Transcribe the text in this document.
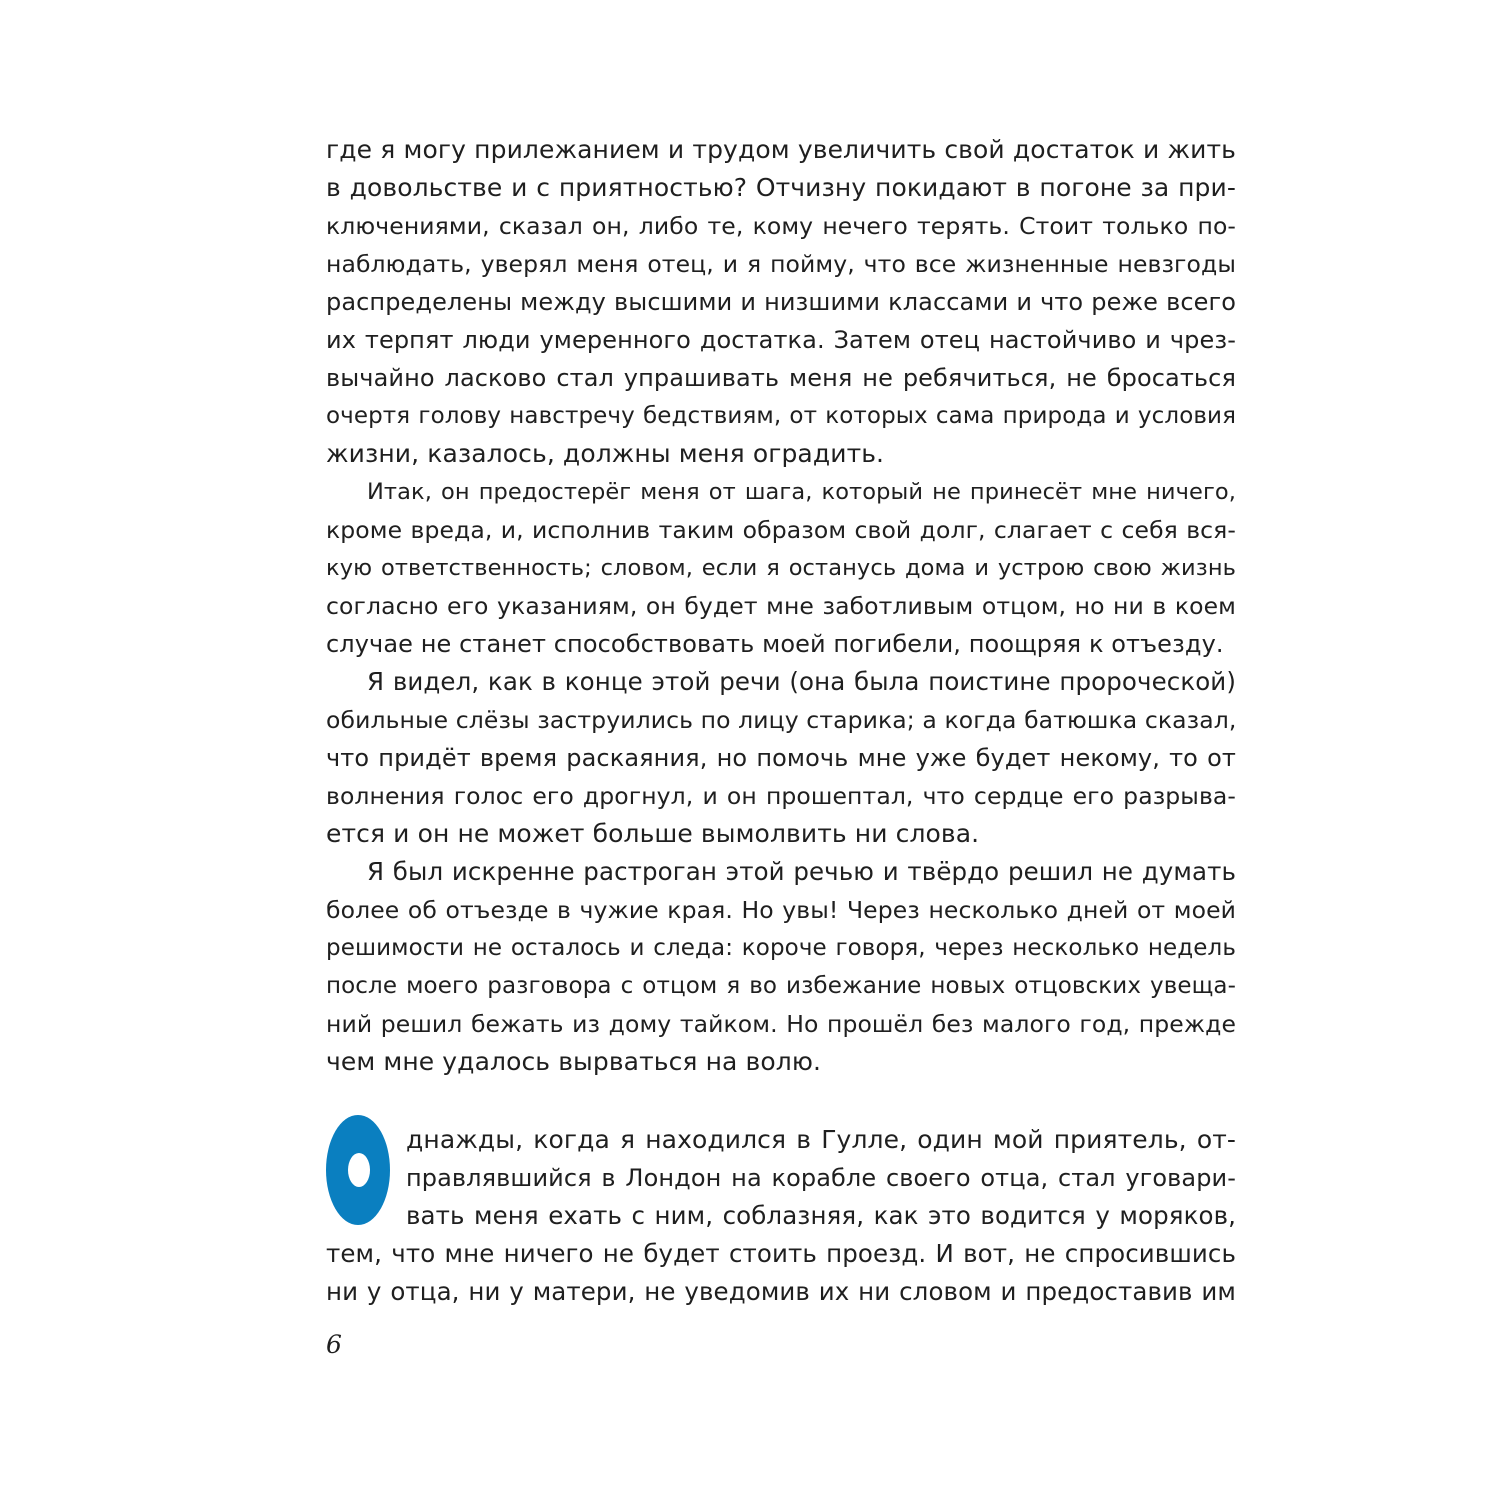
где я могу прилежанием и трудом увеличить свой достаток и жить
в довольстве и с приятностью? Отчизну покидают в погоне за при-
ключениями, сказал он, либо те, кому нечего терять. Стоит только по-
наблюдать, уверял меня отец, и я пойму, что все жизненные невзгоды
распределены между высшими и низшими классами и что реже всего
их терпят люди умеренного достатка. Затем отец настойчиво и чрез-
вычайно ласково стал упрашивать меня не ребячиться, не бросаться
очертя голову навстречу бедствиям, от которых сама природа и условия
жизни, казалось, должны меня оградить.
Итак, он предостерёг меня от шага, который не принесёт мне ничего,
кроме вреда, и, исполнив таким образом свой долг, слагает с себя вся-
кую ответственность; словом, если я останусь дома и устрою свою жизнь
согласно его указаниям, он будет мне заботливым отцом, но ни в коем
случае не станет способствовать моей погибели, поощряя к отъезду.
Я видел, как в конце этой речи (она была поистине пророческой)
обильные слёзы заструились по лицу старика; а когда батюшка сказал,
что придёт время раскаяния, но помочь мне уже будет некому, то от
волнения голос его дрогнул, и он прошептал, что сердце его разрыва-
ется и он не может больше вымолвить ни слова.
Я был искренне растроган этой речью и твёрдо решил не думать
более об отъезде в чужие края. Но увы! Через несколько дней от моей
решимости не осталось и следа: короче говоря, через несколько недель
после моего разговора с отцом я во избежание новых отцовских увеща-
ний решил бежать из дому тайком. Но прошёл без малого год, прежде
чем мне удалось вырваться на волю.
днажды, когда я находился в Гулле, один мой приятель, от-
правлявшийся в Лондон на корабле своего отца, стал уговари-
вать меня ехать с ним, соблазняя, как это водится у моряков,
тем, что мне ничего не будет стоить проезд. И вот, не спросившись
ни у отца, ни у матери, не уведомив их ни словом и предоставив им
6
